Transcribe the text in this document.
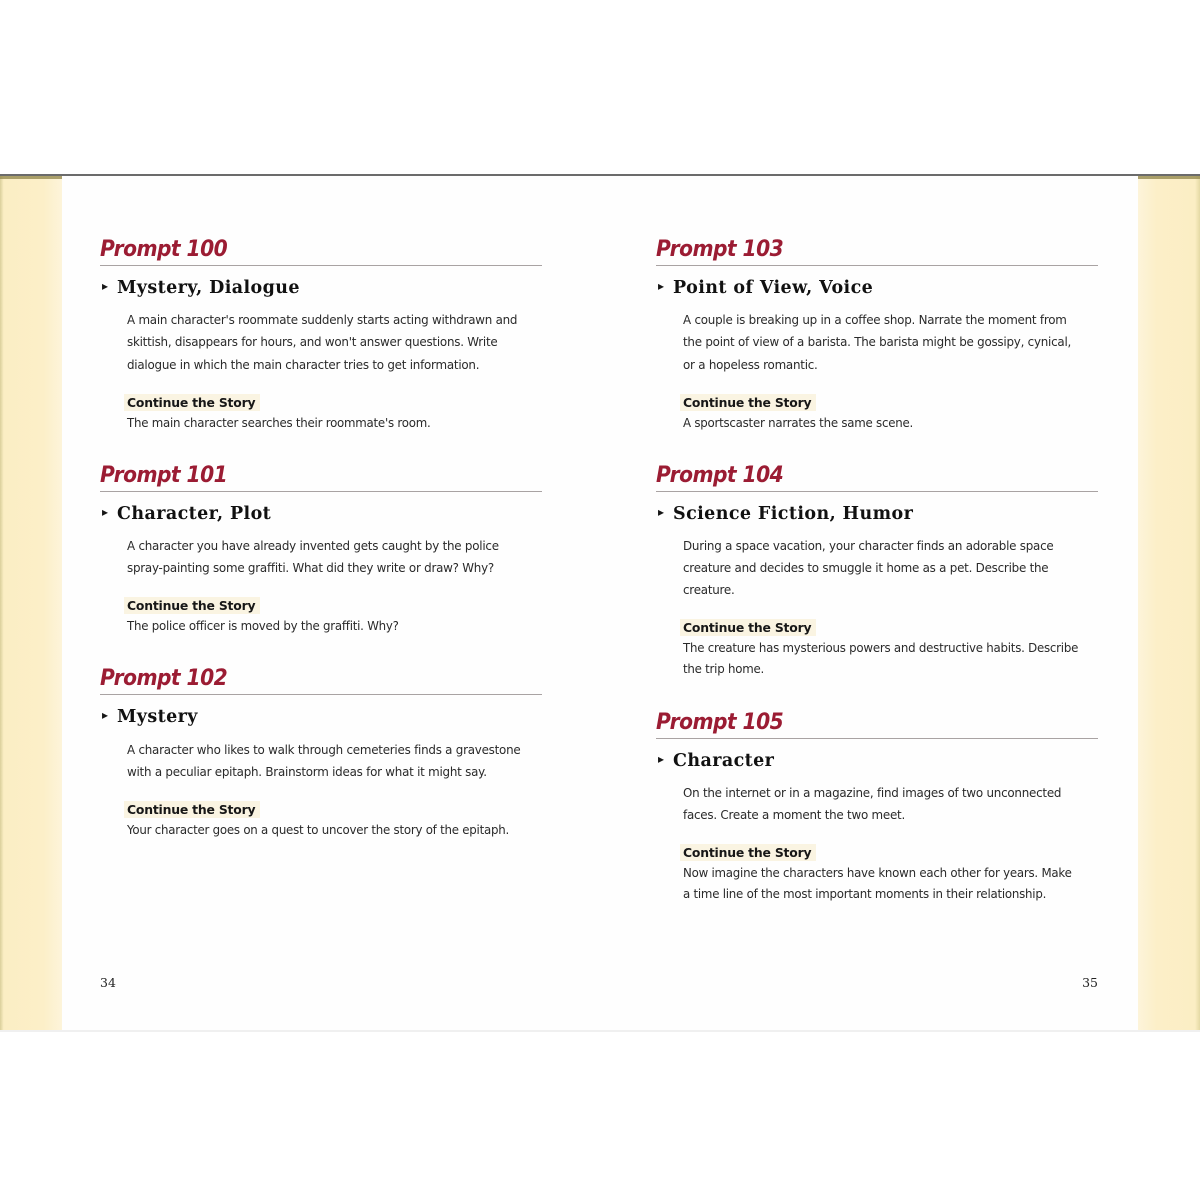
Prompt 100
▸ Mystery, Dialogue

A main character's roommate suddenly starts acting withdrawn and skittish, disappears for hours, and won't answer questions. Write dialogue in which the main character tries to get information.

Continue the Story
The main character searches their roommate's room.
Prompt 101
▸ Character, Plot

A character you have already invented gets caught by the police spray-painting some graffiti. What did they write or draw? Why?

Continue the Story
The police officer is moved by the graffiti. Why?
Prompt 102
▸ Mystery

A character who likes to walk through cemeteries finds a gravestone with a peculiar epitaph. Brainstorm ideas for what it might say.

Continue the Story
Your character goes on a quest to uncover the story of the epitaph.
34
Prompt 103
▸ Point of View, Voice

A couple is breaking up in a coffee shop. Narrate the moment from the point of view of a barista. The barista might be gossipy, cynical, or a hopeless romantic.

Continue the Story
A sportscaster narrates the same scene.
Prompt 104
▸ Science Fiction, Humor

During a space vacation, your character finds an adorable space creature and decides to smuggle it home as a pet. Describe the creature.

Continue the Story
The creature has mysterious powers and destructive habits. Describe the trip home.
Prompt 105
▸ Character

On the internet or in a magazine, find images of two unconnected faces. Create a moment the two meet.

Continue the Story
Now imagine the characters have known each other for years. Make a time line of the most important moments in their relationship.
35
